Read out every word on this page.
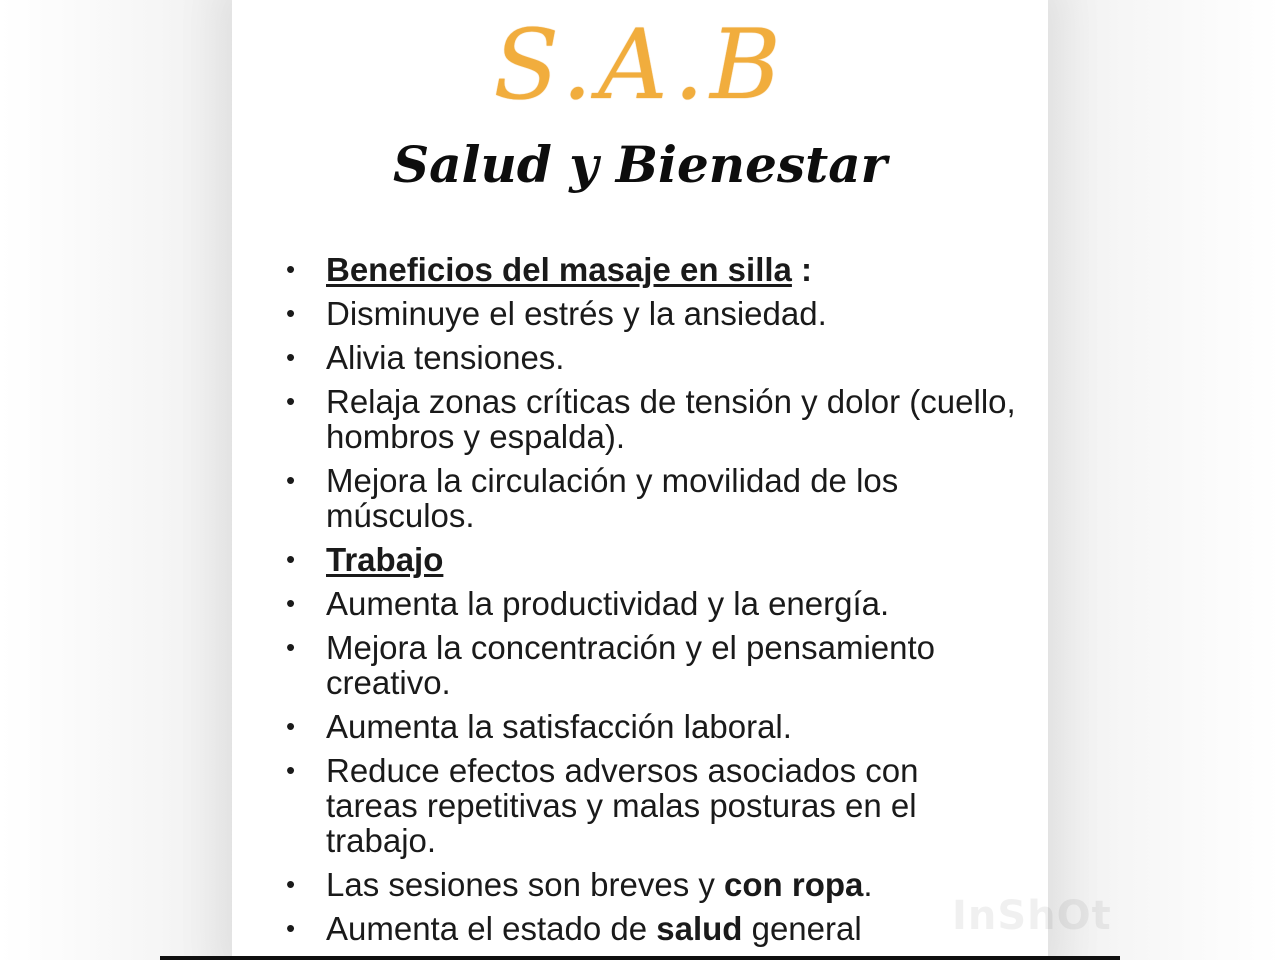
S.A.B
Salud y Bienestar
• Beneficios del masaje en silla :
• Disminuye el estrés y la ansiedad.
• Alivia tensiones.
• Relaja zonas críticas de tensión y dolor (cuello, hombros y espalda).
• Mejora la circulación y movilidad de los músculos.
• Trabajo
• Aumenta la productividad y la energía.
• Mejora la concentración y el pensamiento creativo.
• Aumenta la satisfacción laboral.
• Reduce efectos adversos asociados con tareas repetitivas y malas posturas en el trabajo.
• Las sesiones son breves y con ropa.
• Aumenta el estado de salud general	InShOt
